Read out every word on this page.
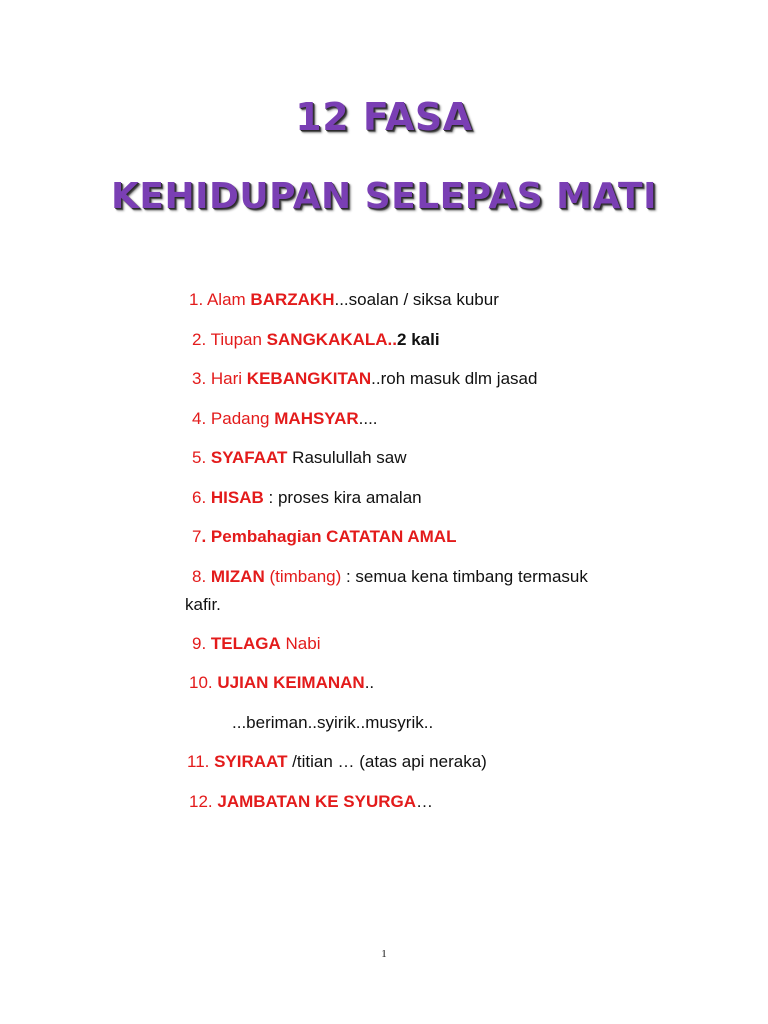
12 FASA
KEHIDUPAN SELEPAS MATI
1. Alam BARZAKH...soalan / siksa kubur
2. Tiupan SANGKAKALA..2 kali
3. Hari KEBANGKITAN..roh masuk dlm jasad
4. Padang MAHSYAR....
5. SYAFAAT Rasulullah saw
6. HISAB : proses kira amalan
7. Pembahagian CATATAN AMAL
8. MIZAN (timbang) : semua kena timbang termasuk
kafir.
9. TELAGA Nabi
10. UJIAN KEIMANAN..
...beriman..syirik..musyrik..
11. SYIRAAT /titian … (atas api neraka)
12. JAMBATAN KE SYURGA…
1
